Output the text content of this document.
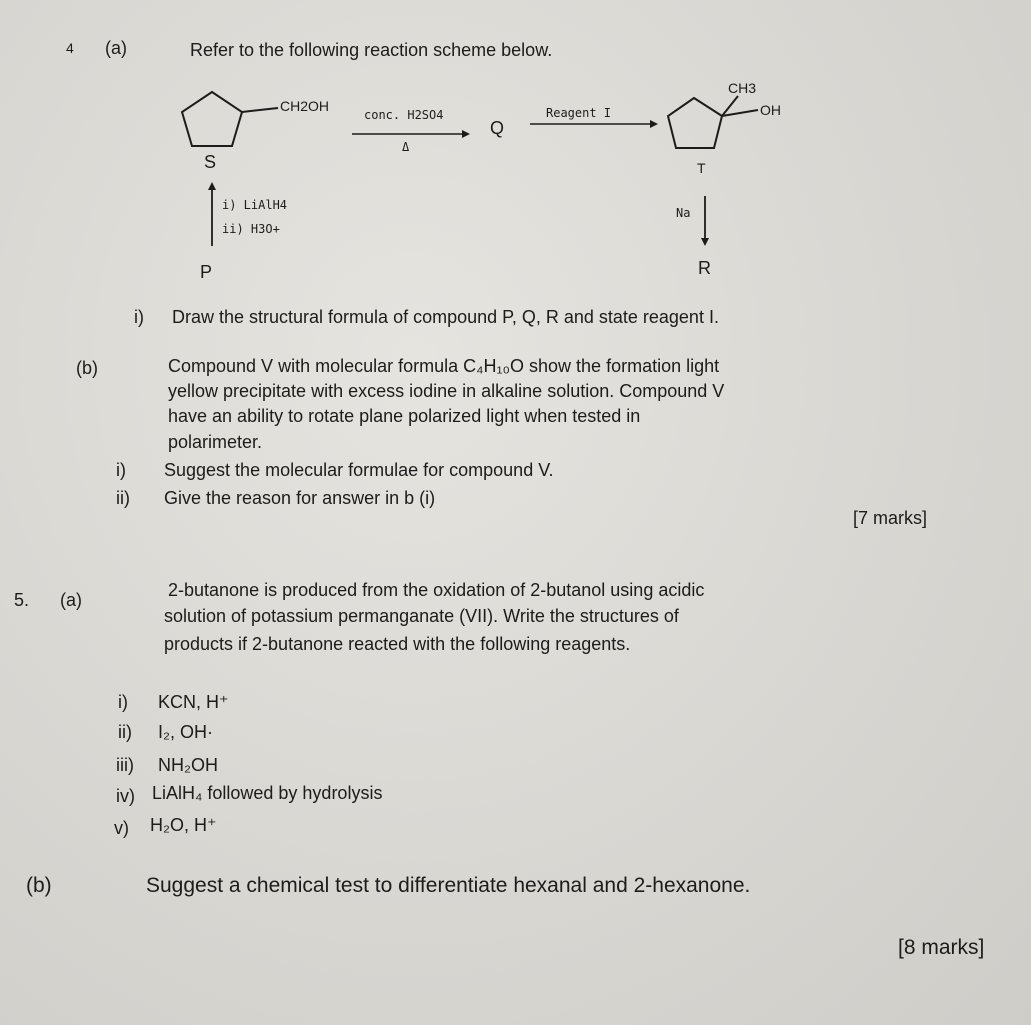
4 (a)	Refer to the following reaction scheme below.
CH2OH
S
conc. H2SO4
Δ
Q
Reagent I
CH3
OH
T
Na
R
i) LiAlH4
ii) H3O+
P
i) Draw the structural formula of compound P, Q, R and state reagent I.
(b)	Compound V with molecular formula C₄H₁₀O show the formation light
yellow precipitate with excess iodine in alkaline solution. Compound V
have an ability to rotate plane polarized light when tested in
polarimeter.
i) Suggest the molecular formulae for compound V.
ii) Give the reason for answer in b (i)
[7 marks]
5. (a)	2-butanone is produced from the oxidation of 2-butanol using acidic
solution of potassium permanganate (VII). Write the structures of
products if 2-butanone reacted with the following reagents.
i) KCN, H⁺
ii) I₂, OH·
iii) NH₂OH
iv) LiAlH₄ followed by hydrolysis
v) H₂O, H⁺
(b)	Suggest a chemical test to differentiate hexanal and 2-hexanone.
[8 marks]
